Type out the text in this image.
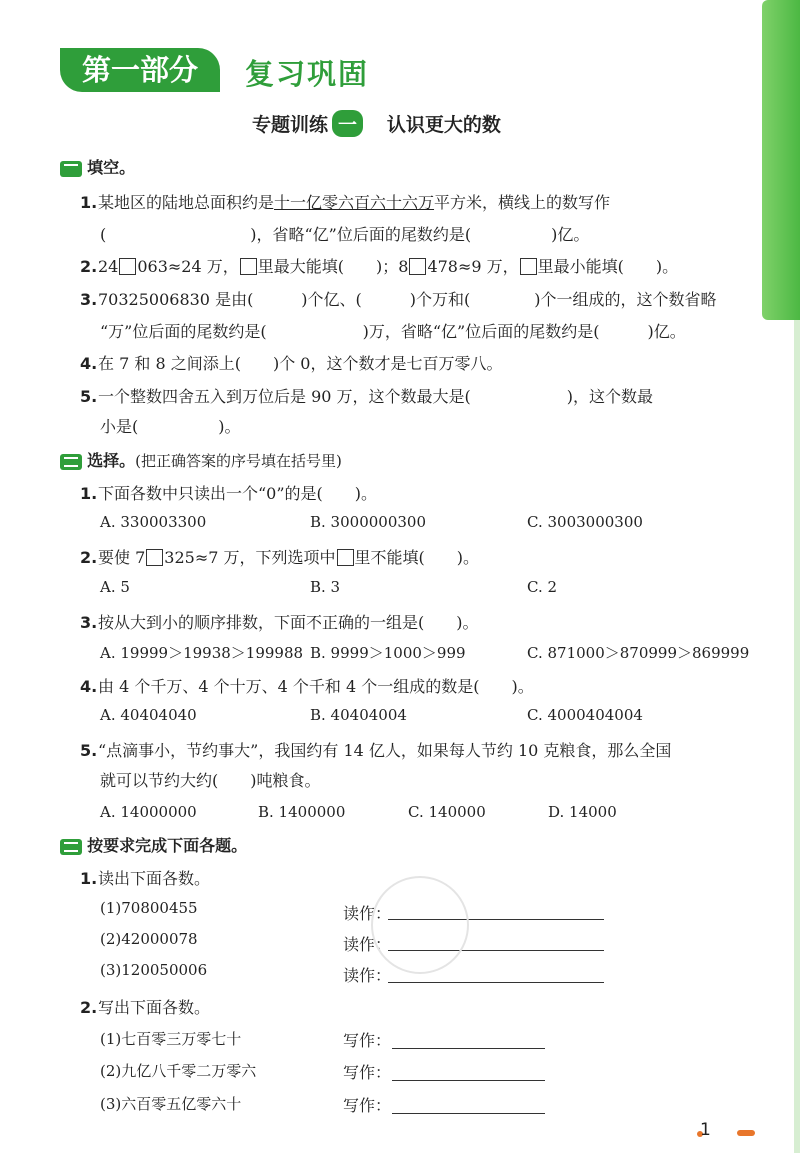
第一部分	复习巩固
专题训练 一 认识更大的数
填空。
1.某地区的陆地总面积约是十一亿零六百六十六万平方米，横线上的数写作
(　　　　　　　　　)，省略“亿”位后面的尾数约是(　　　　　)亿。
2.24 063≈24 万， 里最大能填(　　)；8 478≈9 万， 里最小能填(　　)。
3.70325006830 是由(　　　)个亿、(　　　)个万和(　　　　)个一组成的，这个数省略
“万”位后面的尾数约是(　　　　　　)万，省略“亿”位后面的尾数约是(　　　)亿。
4.在 7 和 8 之间添上(　　)个 0，这个数才是七百万零八。
5.一个整数四舍五入到万位后是 90 万，这个数最大是(　　　　　　)，这个数最
小是(　　　　　)。
选择。(把正确答案的序号填在括号里)
1.下面各数中只读出一个“0”的是(　　)。
A. 330003300	B. 3000000300	C. 3003000300
2.要使 7 325≈7 万，下列选项中 里不能填(　　)。
A. 5	B. 3	C. 2
3.按从大到小的顺序排数，下面不正确的一组是(　　)。
A. 19999＞19938＞199988 B. 9999＞1000＞999	C. 871000＞870999＞869999
4.由 4 个千万、4 个十万、4 个千和 4 个一组成的数是(　　)。
A. 40404040	B. 40404004	C. 4000404004
5.“点滴事小，节约事大”，我国约有 14 亿人，如果每人节约 10 克粮食，那么全国
就可以节约大约(　　)吨粮食。
A. 14000000	B. 1400000	C. 140000	D. 14000
按要求完成下面各题。
1.读出下面各数。
(1)70800455	读作：
(2)42000078	读作：
(3)120050006	读作：
2.写出下面各数。
(1)七百零三万零七十	写作：
(2)九亿八千零二万零六	写作：
(3)六百零五亿零六十	写作：
1
